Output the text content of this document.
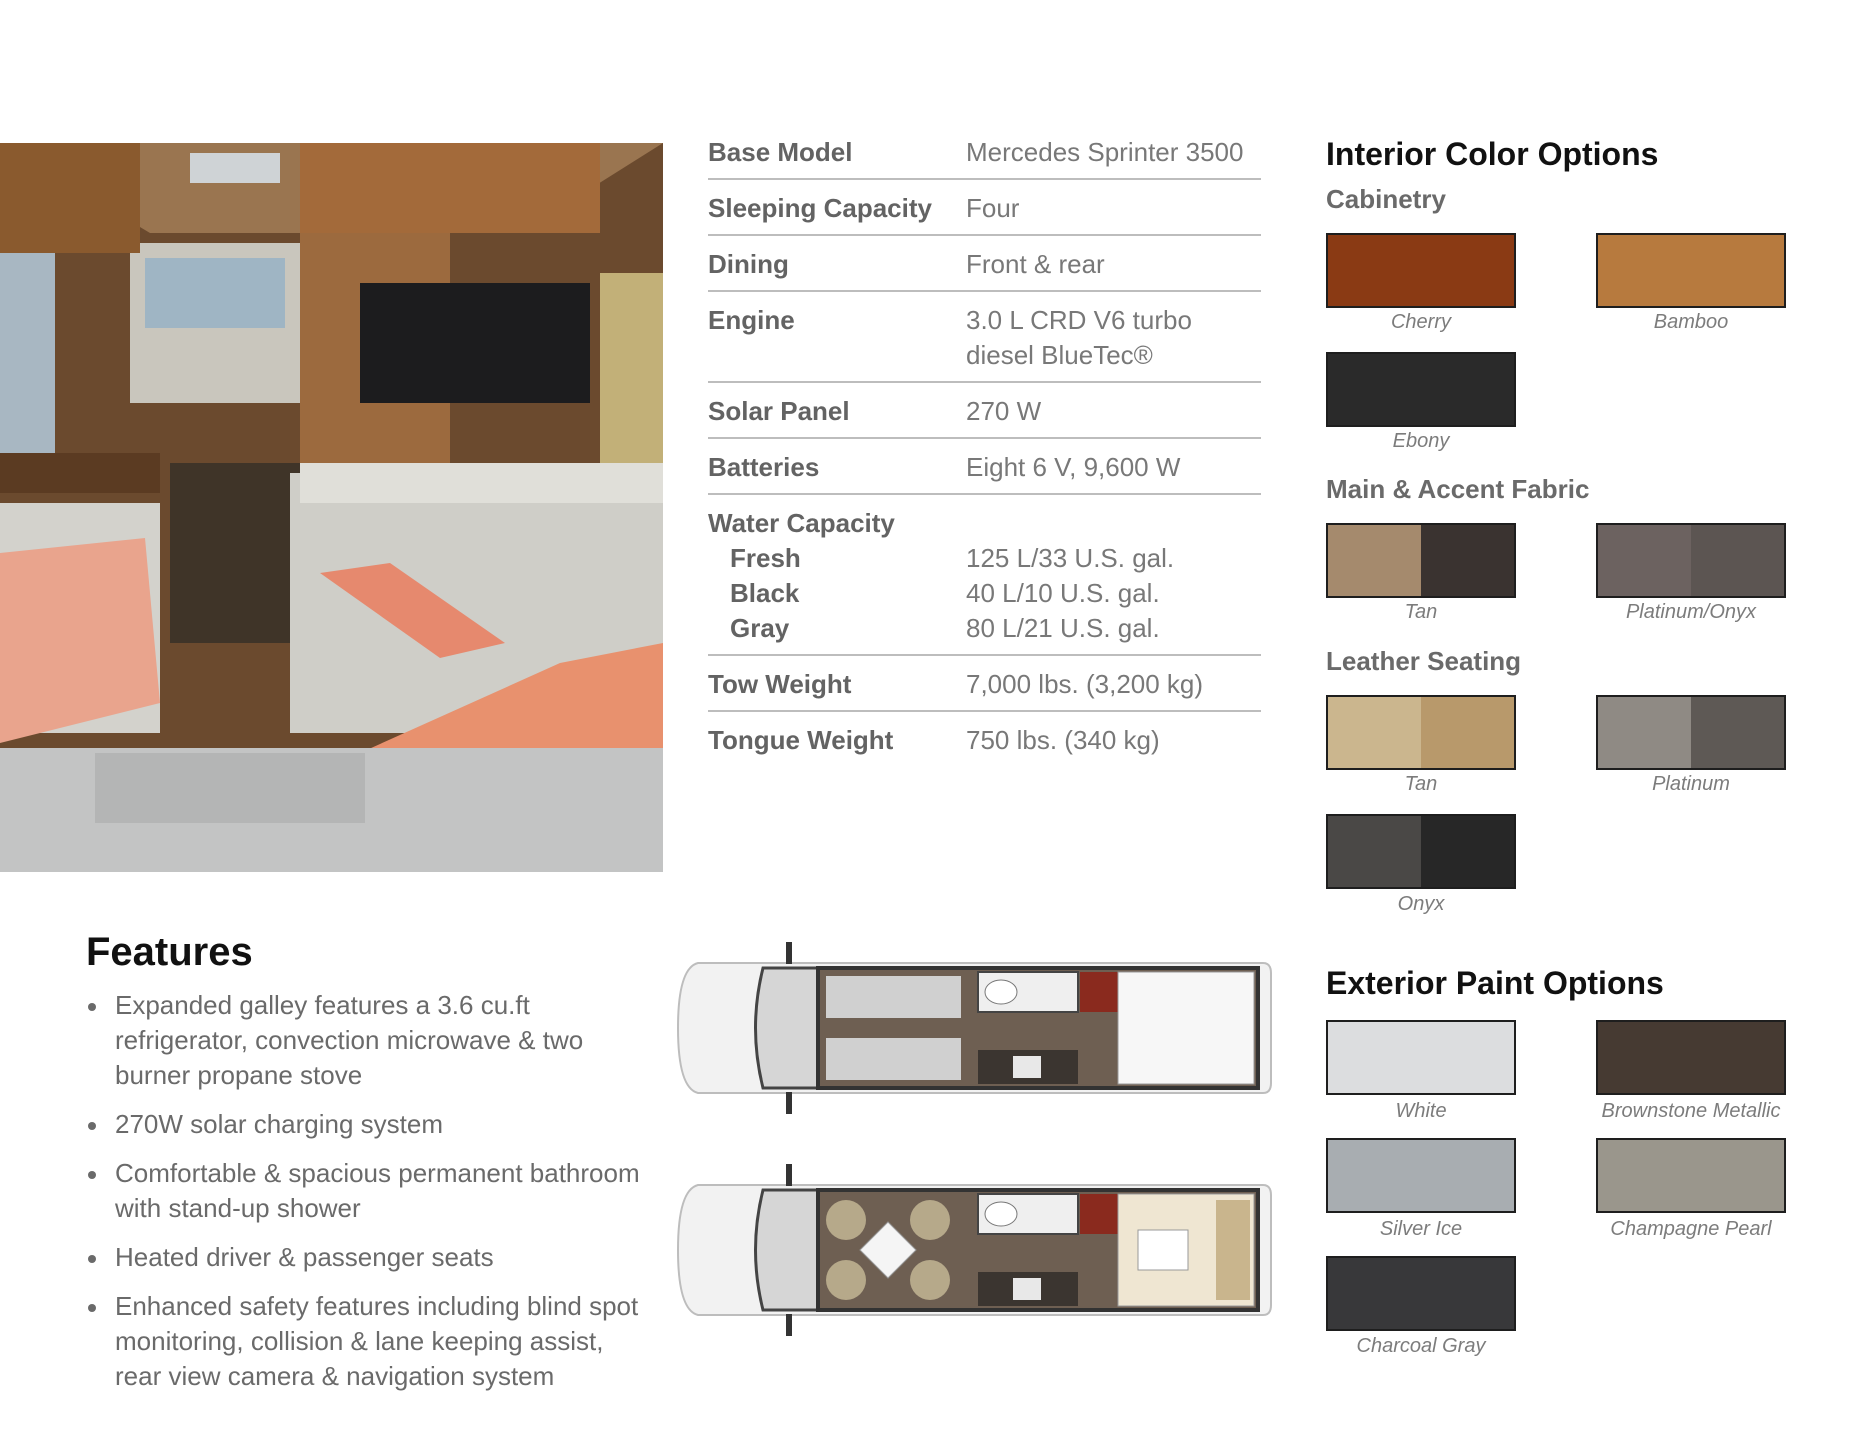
Base Model	Mercedes Sprinter 3500
Sleeping Capacity	Four
Dining	Front & rear
Engine	3.0 L CRD V6 turbo diesel BlueTec®
Solar Panel	270 W
Batteries	Eight 6 V, 9,600 W
Water Capacity
Fresh	125 L/33 U.S. gal.
Black	40 L/10 U.S. gal.
Gray	80 L/21 U.S. gal.
Tow Weight	7,000 lbs. (3,200 kg)
Tongue Weight	750 lbs. (340 kg)
Interior Color Options
Cabinetry
Cherry	Bamboo
Ebony
Main & Accent Fabric
Tan	Platinum/Onyx
Leather Seating
Tan	Platinum
Onyx
Exterior Paint Options
White	Brownstone Metallic
Silver Ice	Champagne Pearl
Charcoal Gray
Features
Expanded galley features a 3.6 cu.ft refrigerator, convection microwave & two burner propane stove
270W solar charging system
Comfortable & spacious permanent bathroom with stand-up shower
Heated driver & passenger seats
Enhanced safety features including blind spot monitoring, collision & lane keeping assist, rear view camera & navigation system
